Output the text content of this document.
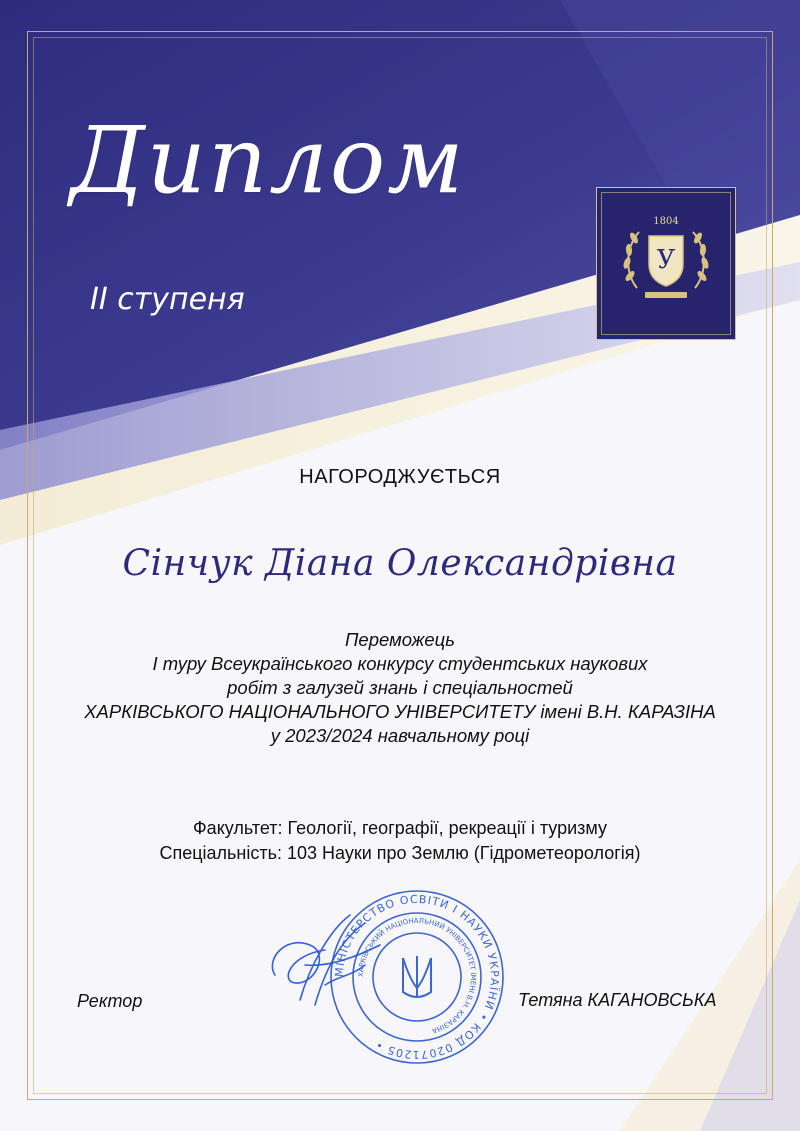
Диплом
II ступеня
1804
У
НАГОРОДЖУЄТЬСЯ
Сінчук Діана Олександрівна
Переможець
І туру Всеукраїнського конкурсу студентських наукових
робіт з галузей знань і спеціальностей
ХАРКІВСЬКОГО НАЦІОНАЛЬНОГО УНІВЕРСИТЕТУ імені В.Н. КАРАЗІНА
у 2023/2024 навчальному році
Факультет: Геології, географії, рекреації і туризму
Спеціальність: 103 Науки про Землю (Гідрометеорологія)
Ректор	Тетяна КАГАНОВСЬКА
МІНІСТЕРСТВО ОСВІТИ І НАУКИ УКРАЇНИ • КОД 02071205 •
ХАРКІВСЬКИЙ НАЦІОНАЛЬНИЙ УНІВЕРСИТЕТ ІМЕНІ В.Н. КАРАЗІНА
